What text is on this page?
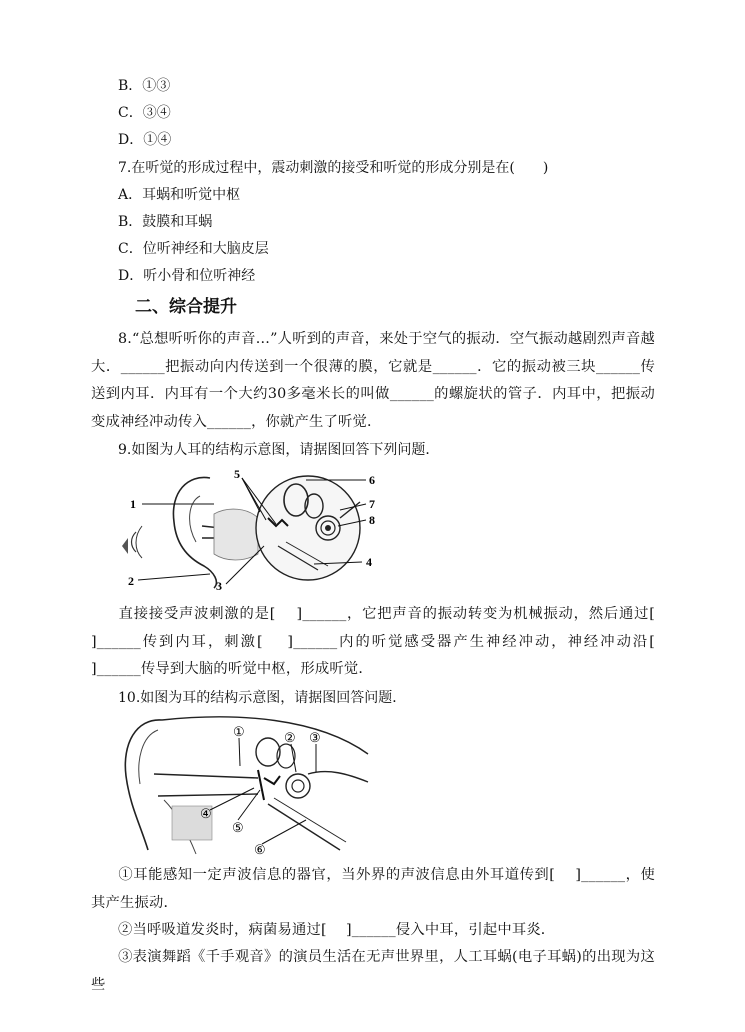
B．①③
C．③④
D．①④
7.在听觉的形成过程中，震动刺激的接受和听觉的形成分别是在(　　)
A．耳蜗和听觉中枢
B．鼓膜和耳蜗
C．位听神经和大脑皮层
D．听小骨和位听神经
二、综合提升
8.“总想听听你的声音…”人听到的声音，来处于空气的振动．空气振动越剧烈声音越大．______把振动向内传送到一个很薄的膜，它就是______．它的振动被三块______传送到内耳．内耳有一个大约30多毫米长的叫做______的螺旋状的管子．内耳中，把振动变成神经冲动传入______，你就产生了听觉．
9.如图为人耳的结构示意图，请据图回答下列问题．
1
2	3
4
5	6
7
8
直接接受声波刺激的是[　 ]______，它把声音的振动转变为机械振动，然后通过[　 ]______传到内耳，刺激[　 ]______内的听觉感受器产生神经冲动，神经冲动沿[　 ]______传导到大脑的听觉中枢，形成听觉．
10.如图为耳的结构示意图，请据图回答问题．
①	② ③
④
⑤
⑥
①耳能感知一定声波信息的器官，当外界的声波信息由外耳道传到[　 ]______，使其产生振动．
②当呼吸道发炎时，病菌易通过[　 ]______侵入中耳，引起中耳炎．
③表演舞蹈《千手观音》的演员生活在无声世界里，人工耳蜗(电子耳蜗)的出现为这些
